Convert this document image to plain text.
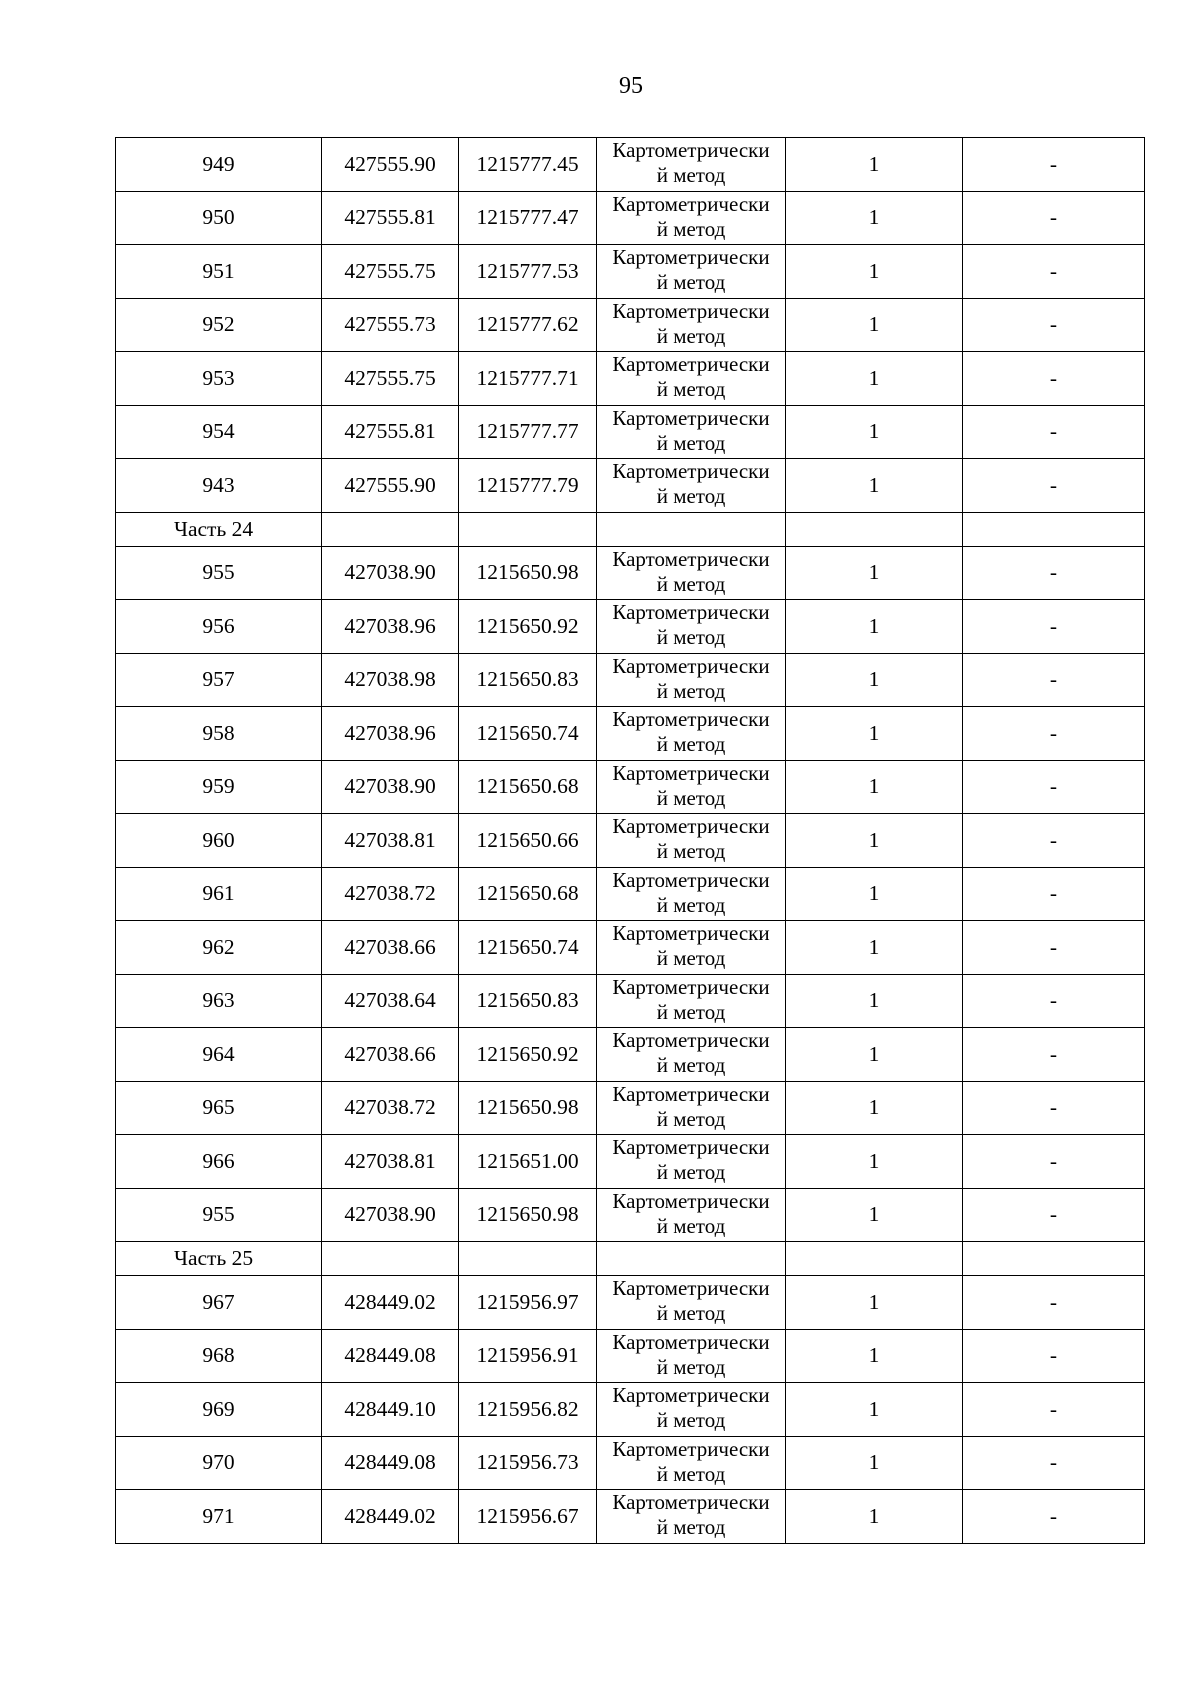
95
949	427555.90	1215777.45	Картометрически
й метод	1	-
950	427555.81	1215777.47	Картометрически
й метод	1	-
951	427555.75	1215777.53	Картометрически
й метод	1	-
952	427555.73	1215777.62	Картометрически
й метод	1	-
953	427555.75	1215777.71	Картометрически
й метод	1	-
954	427555.81	1215777.77	Картометрически
й метод	1	-
943	427555.90	1215777.79	Картометрически
й метод	1	-
Часть 24					
955	427038.90	1215650.98	Картометрически
й метод	1	-
956	427038.96	1215650.92	Картометрически
й метод	1	-
957	427038.98	1215650.83	Картометрически
й метод	1	-
958	427038.96	1215650.74	Картометрически
й метод	1	-
959	427038.90	1215650.68	Картометрически
й метод	1	-
960	427038.81	1215650.66	Картометрически
й метод	1	-
961	427038.72	1215650.68	Картометрически
й метод	1	-
962	427038.66	1215650.74	Картометрически
й метод	1	-
963	427038.64	1215650.83	Картометрически
й метод	1	-
964	427038.66	1215650.92	Картометрически
й метод	1	-
965	427038.72	1215650.98	Картометрически
й метод	1	-
966	427038.81	1215651.00	Картометрически
й метод	1	-
955	427038.90	1215650.98	Картометрически
й метод	1	-
Часть 25					
967	428449.02	1215956.97	Картометрически
й метод	1	-
968	428449.08	1215956.91	Картометрически
й метод	1	-
969	428449.10	1215956.82	Картометрически
й метод	1	-
970	428449.08	1215956.73	Картометрически
й метод	1	-
971	428449.02	1215956.67	Картометрически
й метод	1	-
